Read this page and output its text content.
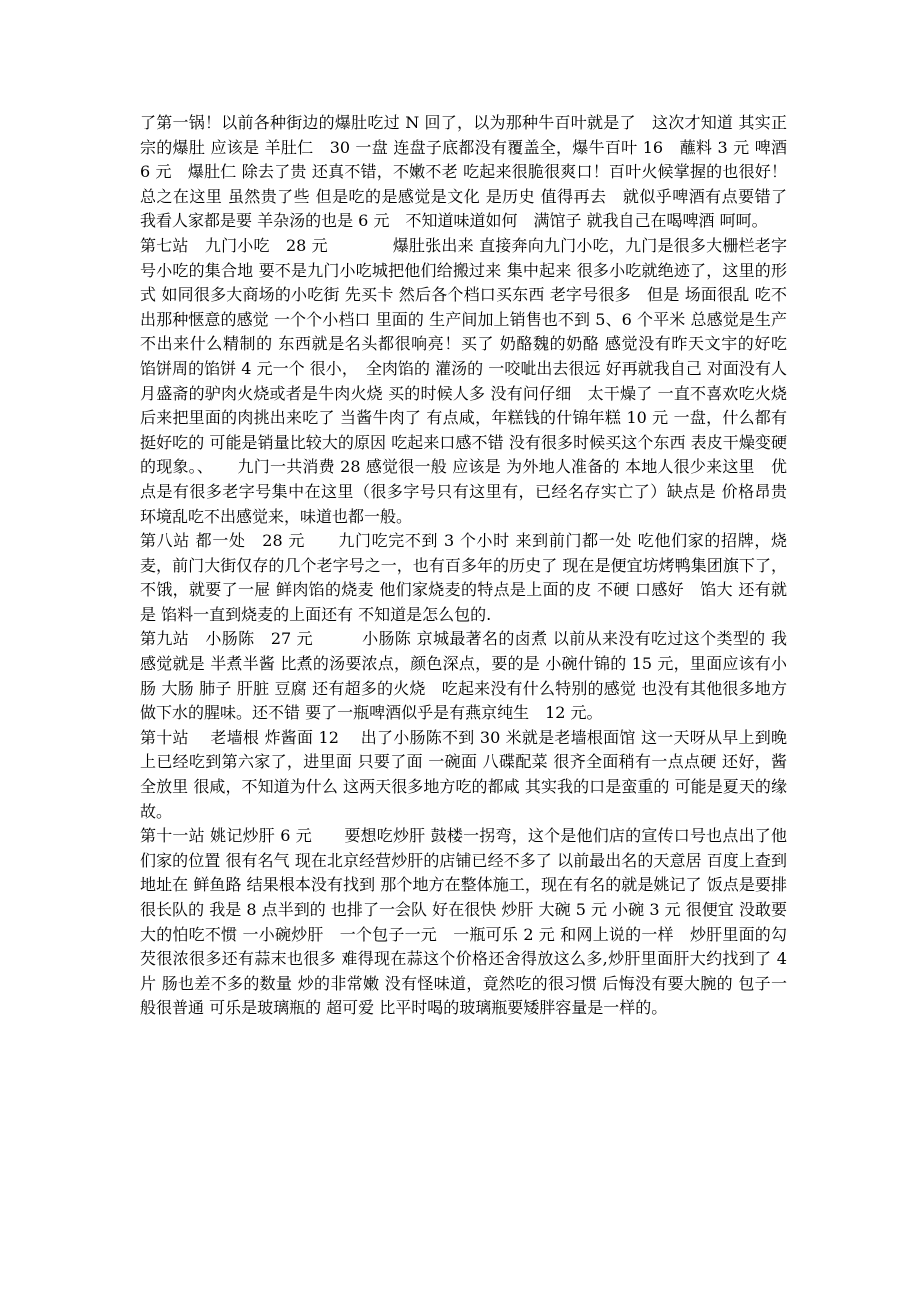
了第一锅！以前各种街边的爆肚吃过 N 回了，以为那种牛百叶就是了　这次才知道 其实正宗的爆肚 应该是 羊肚仁　30 一盘 连盘子底都没有覆盖全，爆牛百叶 16　蘸料 3 元 啤酒 6 元　爆肚仁 除去了贵 还真不错，不嫩不老 吃起来很脆很爽口！百叶火候掌握的也很好！总之在这里 虽然贵了些 但是吃的是感觉是文化 是历史 值得再去　就似乎啤酒有点要错了 我看人家都是要 羊杂汤的也是 6 元　不知道味道如何　满馆子 就我自己在喝啤酒 呵呵。

第七站　九门小吃　28 元　　　　爆肚张出来 直接奔向九门小吃，九门是很多大栅栏老字号小吃的集合地 要不是九门小吃城把他们给搬过来 集中起来 很多小吃就绝迹了，这里的形式 如同很多大商场的小吃街 先买卡 然后各个档口买东西 老字号很多　但是 场面很乱 吃不出那种惬意的感觉 一个个小档口 里面的 生产间加上销售也不到 5、6 个平米 总感觉是生产不出来什么精制的 东西就是名头都很响亮！买了 奶酪魏的奶酪 感觉没有昨天文宇的好吃　馅饼周的馅饼 4 元一个 很小，　全肉馅的 灌汤的 一咬呲出去很远 好再就我自己 对面没有人 月盛斋的驴肉火烧或者是牛肉火烧 买的时候人多 没有问仔细　太干燥了 一直不喜欢吃火烧 后来把里面的肉挑出来吃了 当酱牛肉了 有点咸，年糕钱的什锦年糕 10 元 一盘，什么都有 挺好吃的 可能是销量比较大的原因 吃起来口感不错 没有很多时候买这个东西 表皮干燥变硬的现象。、　　九门一共消费 28 感觉很一般 应该是 为外地人准备的 本地人很少来这里　优点是有很多老字号集中在这里（很多字号只有这里有，已经名存实亡了）缺点是 价格昂贵 环境乱吃不出感觉来，味道也都一般。

第八站 都一处　28 元　　九门吃完不到 3 个小时 来到前门都一处 吃他们家的招牌，烧麦，前门大街仅存的几个老字号之一，也有百多年的历史了 现在是便宜坊烤鸭集团旗下了，不饿，就要了一屉 鲜肉馅的烧麦 他们家烧麦的特点是上面的皮 不硬 口感好　馅大 还有就是 馅料一直到烧麦的上面还有 不知道是怎么包的.

第九站　小肠陈　27 元　　　小肠陈 京城最著名的卤煮 以前从来没有吃过这个类型的 我感觉就是 半煮半酱 比煮的汤要浓点，颜色深点，要的是 小碗什锦的 15 元，里面应该有小肠 大肠 肺子 肝脏 豆腐 还有超多的火烧　吃起来没有什么特别的感觉 也没有其他很多地方做下水的腥味。还不错 要了一瓶啤酒似乎是有燕京纯生　12 元。

第十站　 老墙根 炸酱面 12　 出了小肠陈不到 30 米就是老墙根面馆 这一天呀从早上到晚上已经吃到第六家了，进里面 只要了面 一碗面 八碟配菜 很齐全面稍有一点点硬 还好，酱全放里 很咸，不知道为什么 这两天很多地方吃的都咸 其实我的口是蛮重的 可能是夏天的缘故。

第十一站 姚记炒肝 6 元　　要想吃炒肝 鼓楼一拐弯，这个是他们店的宣传口号也点出了他们家的位置 很有名气 现在北京经营炒肝的店铺已经不多了 以前最出名的天意居 百度上查到地址在 鲜鱼路 结果根本没有找到 那个地方在整体施工，现在有名的就是姚记了 饭点是要排很长队的 我是 8 点半到的 也排了一会队 好在很快 炒肝 大碗 5 元 小碗 3 元 很便宜 没敢要大的怕吃不惯 一小碗炒肝　一个包子一元　一瓶可乐 2 元 和网上说的一样　炒肝里面的勾芡很浓很多还有蒜末也很多 难得现在蒜这个价格还舍得放这么多,炒肝里面肝大约找到了 4 片 肠也差不多的数量 炒的非常嫩 没有怪味道，竟然吃的很习惯 后悔没有要大腕的 包子一般很普通 可乐是玻璃瓶的 超可爱 比平时喝的玻璃瓶要矮胖容量是一样的。
